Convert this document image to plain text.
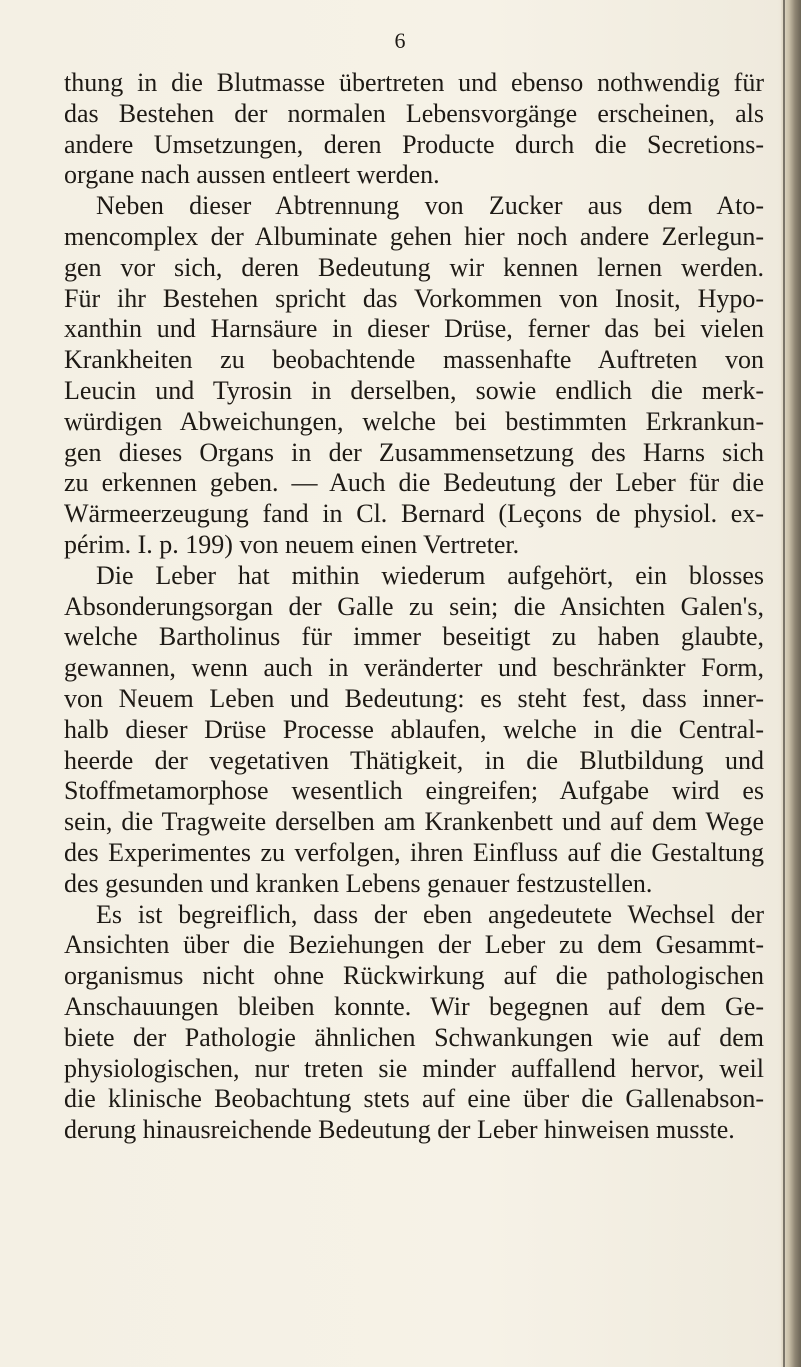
6
thung in die Blutmasse übertreten und ebenso nothwendig für
das Bestehen der normalen Lebensvorgänge erscheinen, als
andere Umsetzungen, deren Producte durch die Secretions-
organe nach aussen entleert werden.
Neben dieser Abtrennung von Zucker aus dem Ato-
mencomplex der Albuminate gehen hier noch andere Zerlegun-
gen vor sich, deren Bedeutung wir kennen lernen werden.
Für ihr Bestehen spricht das Vorkommen von Inosit, Hypo-
xanthin und Harnsäure in dieser Drüse, ferner das bei vielen
Krankheiten zu beobachtende massenhafte Auftreten von
Leucin und Tyrosin in derselben, sowie endlich die merk-
würdigen Abweichungen, welche bei bestimmten Erkrankun-
gen dieses Organs in der Zusammensetzung des Harns sich
zu erkennen geben. — Auch die Bedeutung der Leber für die
Wärmeerzeugung fand in Cl. Bernard (Leçons de physiol. ex-
périm. I. p. 199) von neuem einen Vertreter.
Die Leber hat mithin wiederum aufgehört, ein blosses
Absonderungsorgan der Galle zu sein; die Ansichten Galen's,
welche Bartholinus für immer beseitigt zu haben glaubte,
gewannen, wenn auch in veränderter und beschränkter Form,
von Neuem Leben und Bedeutung: es steht fest, dass inner-
halb dieser Drüse Processe ablaufen, welche in die Central-
heerde der vegetativen Thätigkeit, in die Blutbildung und
Stoffmetamorphose wesentlich eingreifen; Aufgabe wird es
sein, die Tragweite derselben am Krankenbett und auf dem Wege
des Experimentes zu verfolgen, ihren Einfluss auf die Gestaltung
des gesunden und kranken Lebens genauer festzustellen.
Es ist begreiflich, dass der eben angedeutete Wechsel der
Ansichten über die Beziehungen der Leber zu dem Gesammt-
organismus nicht ohne Rückwirkung auf die pathologischen
Anschauungen bleiben konnte. Wir begegnen auf dem Ge-
biete der Pathologie ähnlichen Schwankungen wie auf dem
physiologischen, nur treten sie minder auffallend hervor, weil
die klinische Beobachtung stets auf eine über die Gallenabson-
derung hinausreichende Bedeutung der Leber hinweisen musste.
